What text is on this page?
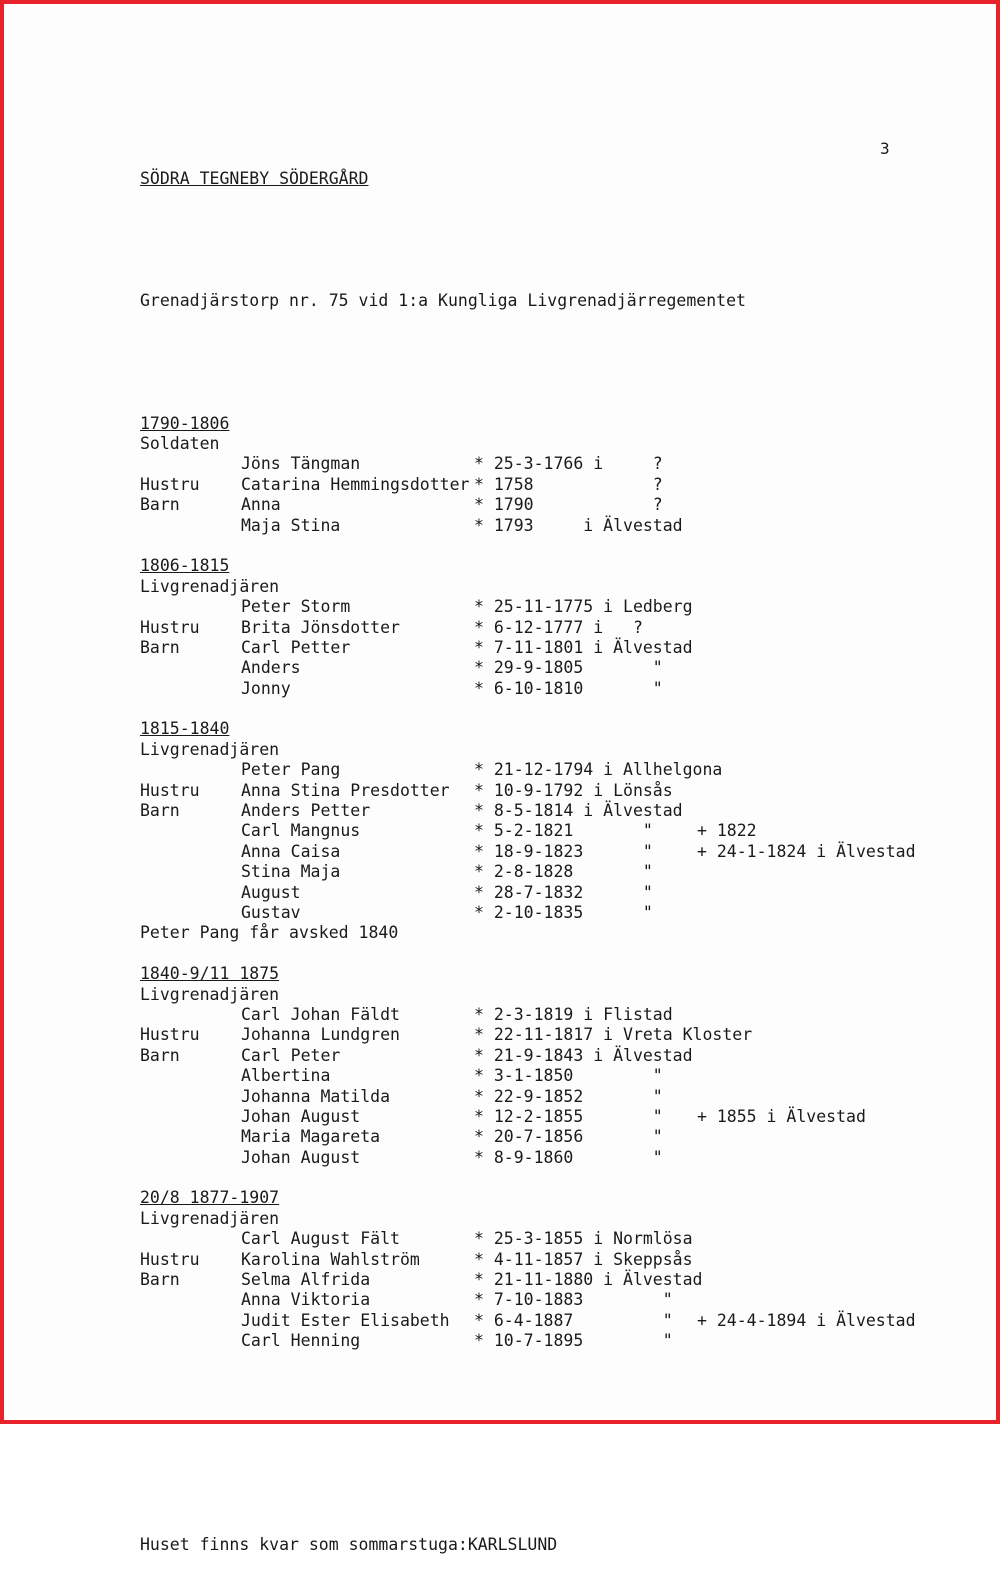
3

SÖDRA TEGNEBY SÖDERGÅRD

Grenadjärstorp nr. 75 vid 1:a Kungliga Livgrenadjärregementet

1790-1806
Soldaten
Jöns Tängman	* 25-3-1766 i     ?
Hustru	Catarina Hemmingsdotter * 1758            ?
Barn	Anna	* 1790            ?
Maja Stina	* 1793     i Älvestad
1806-1815
Livgrenadjären
Peter Storm	* 25-11-1775 i Ledberg
Hustru	Brita Jönsdotter	* 6-12-1777 i   ?
Barn	Carl Petter	* 7-11-1801 i Älvestad
Anders	* 29-9-1805       "
Jonny	* 6-10-1810       "
1815-1840
Livgrenadjären
Peter Pang	* 21-12-1794 i Allhelgona
Hustru	Anna Stina Presdotter * 10-9-1792 i Lönsås
Barn	Anders Petter	* 8-5-1814 i Älvestad
Carl Mangnus	* 5-2-1821       "	+ 1822
Anna Caisa	* 18-9-1823      "	+ 24-1-1824 i Älvestad
Stina Maja	* 2-8-1828       "
August	* 28-7-1832      "
Gustav	* 2-10-1835      "
Peter Pang får avsked 1840
1840-9/11 1875
Livgrenadjären
Carl Johan Fäldt	* 2-3-1819 i Flistad
Hustru	Johanna Lundgren	* 22-11-1817 i Vreta Kloster
Barn	Carl Peter	* 21-9-1843 i Älvestad
Albertina	* 3-1-1850        "
Johanna Matilda	* 22-9-1852       "
Johan August	* 12-2-1855       " + 1855 i Älvestad
Maria Magareta	* 20-7-1856       "
Johan August	* 8-9-1860        "
20/8 1877-1907
Livgrenadjären
Carl August Fält	* 25-3-1855 i Normlösa
Hustru	Karolina Wahlström	* 4-11-1857 i Skeppsås
Barn	Selma Alfrida	* 21-11-1880 i Älvestad
Anna Viktoria	* 7-10-1883        "
Judit Ester Elisabeth * 6-4-1887         " + 24-4-1894 i Älvestad
Carl Henning	* 10-7-1895        "

Huset finns kvar som sommarstuga:KARLSLUND
